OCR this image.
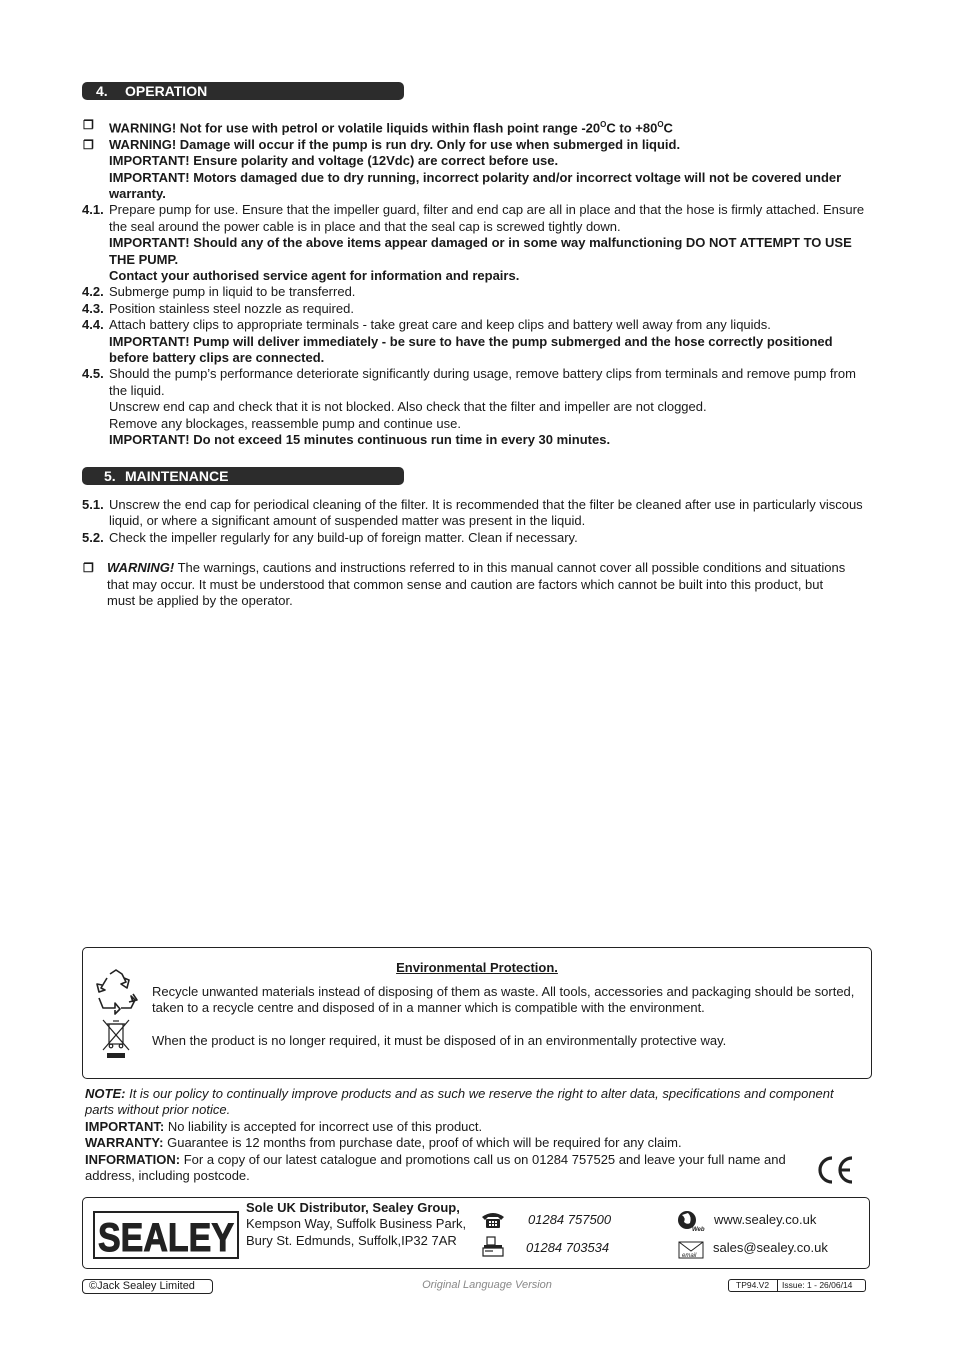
4. OPERATION
❐ WARNING! Not for use with petrol or volatile liquids within flash point range $-20^OC$ to $+80^OC$
❐ WARNING! Damage will occur if the pump is run dry. Only for use when submerged in liquid.
IMPORTANT! Ensure polarity and voltage (12Vdc) are correct before use.
IMPORTANT! Motors damaged due to dry running, incorrect polarity and/or incorrect voltage will not be covered under warranty.
4.1. Prepare pump for use. Ensure that the impeller guard, filter and end cap are all in place and that the hose is firmly attached. Ensure the seal around the power cable is in place and that the seal cap is screwed tightly down.
IMPORTANT! Should any of the above items appear damaged or in some way malfunctioning DO NOT ATTEMPT TO USE THE PUMP.
Contact your authorised service agent for information and repairs.
4.2. Submerge pump in liquid to be transferred.
4.3. Position stainless steel nozzle as required.
4.4. Attach battery clips to appropriate terminals - take great care and keep clips and battery well away from any liquids.
IMPORTANT! Pump will deliver immediately - be sure to have the pump submerged and the hose correctly positioned before battery clips are connected.
4.5. Should the pump’s performance deteriorate significantly during usage, remove battery clips from terminals and remove pump from the liquid.
Unscrew end cap and check that it is not blocked. Also check that the filter and impeller are not clogged.
Remove any blockages, reassemble pump and continue use.
IMPORTANT! Do not exceed 15 minutes continuous run time in every 30 minutes.
5. MAINTENANCE
5.1. Unscrew the end cap for periodical cleaning of the filter. It is recommended that the filter be cleaned after use in particularly viscous liquid, or where a significant amount of suspended matter was present in the liquid.
5.2. Check the impeller regularly for any build-up of foreign matter. Clean if necessary.
❐ WARNING! The warnings, cautions and instructions referred to in this manual cannot cover all possible conditions and situations that may occur. It must be understood that common sense and caution are factors which cannot be built into this product, but must be applied by the operator.
Environmental Protection.
Recycle unwanted materials instead of disposing of them as waste. All tools, accessories and packaging should be sorted, taken to a recycle centre and disposed of in a manner which is compatible with the environment.
When the product is no longer required, it must be disposed of in an environmentally protective way.
NOTE: It is our policy to continually improve products and as such we reserve the right to alter data, specifications and component parts without prior notice.
IMPORTANT: No liability is accepted for incorrect use of this product.
WARRANTY: Guarantee is 12 months from purchase date, proof of which will be required for any claim.
INFORMATION: For a copy of our latest catalogue and promotions call us on 01284 757525 and leave your full name and address, including postcode.
SEALEY
Sole UK Distributor, Sealey Group, Kempson Way, Suffolk Business Park, Bury St. Edmunds, Suffolk,IP32 7AR
01284 757500
01284 703534
Web
www.sealey.co.uk
email
sales@sealey.co.uk
©Jack Sealey Limited	Original Language Version	TP94.V2 Issue: 1 - 26/06/14
